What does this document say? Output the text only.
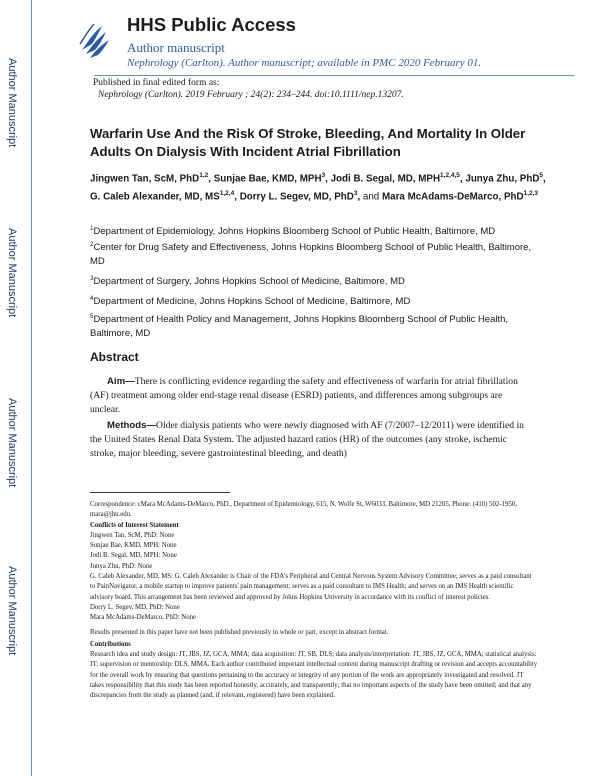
Author Manuscript
Author Manuscript
Author Manuscript
Author Manuscript
HHS Public Access
Author manuscript
Nephrology (Carlton). Author manuscript; available in PMC 2020 February 01.
Published in final edited form as:
Nephrology (Carlton). 2019 February ; 24(2): 234–244. doi:10.1111/nep.13207.
Warfarin Use And the Risk Of Stroke, Bleeding, And Mortality In Older Adults On Dialysis With Incident Atrial Fibrillation
Jingwen Tan, ScM, PhD$^{1,2}$, Sunjae Bae, KMD, MPH$^3$, Jodi B. Segal, MD, MPH$^{1,2,4,5}$, Junya Zhu, PhD$^5$, G. Caleb Alexander, MD, MS$^{1,2,4}$, Dorry L. Segev, MD, PhD$^3$, and Mara McAdams-DeMarco, PhD$^{1,2,3}$
$^1$Department of Epidemiology, Johns Hopkins Bloomberg School of Public Health, Baltimore, MD
$^2$Center for Drug Safety and Effectiveness, Johns Hopkins Bloomberg School of Public Health, Baltimore, MD
$^3$Department of Surgery, Johns Hopkins School of Medicine, Baltimore, MD
$^4$Department of Medicine, Johns Hopkins School of Medicine, Baltimore, MD
$^5$Department of Health Policy and Management, Johns Hopkins Bloomberg School of Public Health, Baltimore, MD
Abstract
Aim—There is conflicting evidence regarding the safety and effectiveness of warfarin for atrial fibrillation (AF) treatment among older end-stage renal disease (ESRD) patients, and differences among subgroups are unclear.
Methods—Older dialysis patients who were newly diagnosed with AF (7/2007–12/2011) were identified in the United States Renal Data System. The adjusted hazard ratios (HR) of the outcomes (any stroke, ischemic stroke, major bleeding, severe gastrointestinal bleeding, and death)
Correspondence: cMara McAdams-DeMarco, PhD., Department of Epidemiology, 615, N. Wolfe St, W6033, Baltimore, MD 21205, Phone: (410) 502-1950, mara@jhu.edu.
Conflicts of Interest Statement
Jingwen Tan, ScM, PhD: None
Sunjae Bae, KMD, MPH: None
Jodi B. Segal, MD, MPH: None
Junya Zhu, PhD: None
G. Caleb Alexander, MD, MS: G. Caleb Alexander is Chair of the FDA's Peripheral and Central Nervous System Advisory Committee; serves as a paid consultant to PainNavigator, a mobile startup to improve patients' pain management; serves as a paid consultant to IMS Health; and serves on an IMS Health scientific advisory board. This arrangement has been reviewed and approved by Johns Hopkins University in accordance with its conflict of interest policies.
Dorry L. Segev, MD, PhD: None
Mara McAdams-DeMarco, PhD: None
Results presented in this paper have not been published previously in whole or part, except in abstract format.
Contributions
Research idea and study design: JT, JBS, JZ, GCA, MMA; data acquisition: JT, SB, DLS; data analysis/interpretation: JT, JBS, JZ, GCA, MMA; statistical analysis: JT; supervision or mentorship: DLS, MMA. Each author contributed important intellectual content during manuscript drafting or revision and accepts accountability for the overall work by ensuring that questions pertaining to the accuracy or integrity of any portion of the work are appropriately investigated and resolved. JT takes responsibility that this study has been reported honestly, accurately, and transparently; that no important aspects of the study have been omitted; and that any discrepancies from the study as planned (and, if relevant, registered) have been explained.
